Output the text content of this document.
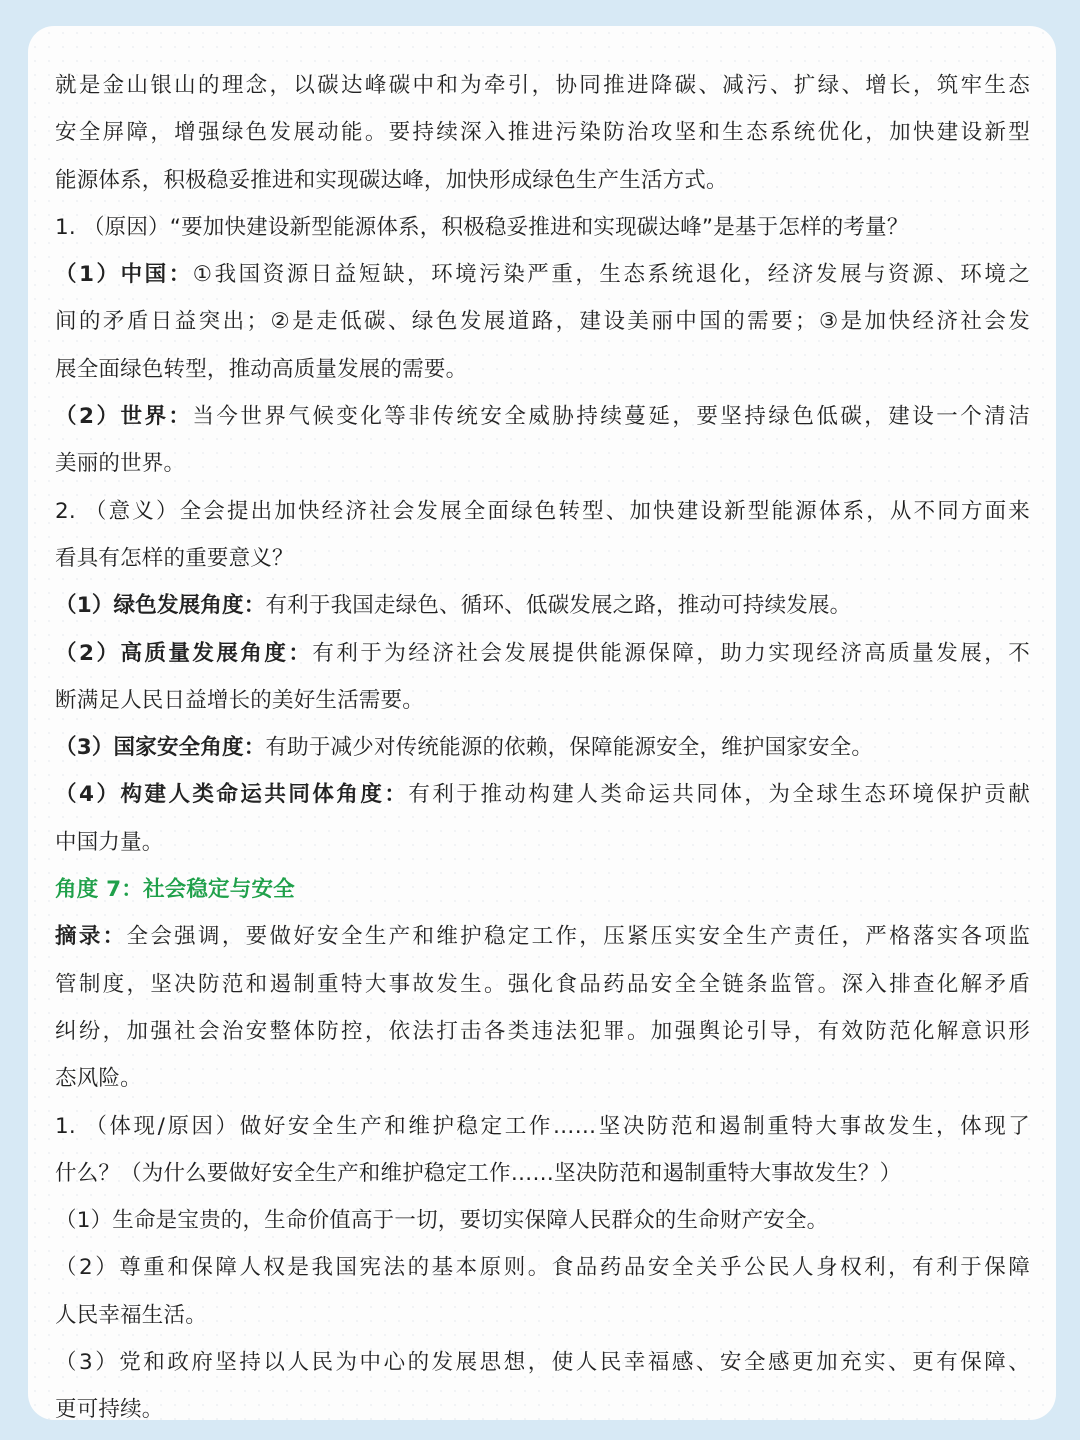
就是金山银山的理念，以碳达峰碳中和为牵引，协同推进降碳、减污、扩绿、增长，筑牢生态
安全屏障，增强绿色发展动能。要持续深入推进污染防治攻坚和生态系统优化，加快建设新型
能源体系，积极稳妥推进和实现碳达峰，加快形成绿色生产生活方式。
1. （原因）“要加快建设新型能源体系，积极稳妥推进和实现碳达峰”是基于怎样的考量？
（1）中国：①我国资源日益短缺，环境污染严重，生态系统退化，经济发展与资源、环境之
间的矛盾日益突出；②是走低碳、绿色发展道路，建设美丽中国的需要；③是加快经济社会发
展全面绿色转型，推动高质量发展的需要。
（2）世界：当今世界气候变化等非传统安全威胁持续蔓延，要坚持绿色低碳，建设一个清洁
美丽的世界。
2. （意义）全会提出加快经济社会发展全面绿色转型、加快建设新型能源体系，从不同方面来
看具有怎样的重要意义？
（1）绿色发展角度：有利于我国走绿色、循环、低碳发展之路，推动可持续发展。
（2）高质量发展角度：有利于为经济社会发展提供能源保障，助力实现经济高质量发展，不
断满足人民日益增长的美好生活需要。
（3）国家安全角度：有助于减少对传统能源的依赖，保障能源安全，维护国家安全。
（4）构建人类命运共同体角度：有利于推动构建人类命运共同体，为全球生态环境保护贡献
中国力量。
角度 7：社会稳定与安全
摘录：全会强调，要做好安全生产和维护稳定工作，压紧压实安全生产责任，严格落实各项监
管制度，坚决防范和遏制重特大事故发生。强化食品药品安全全链条监管。深入排查化解矛盾
纠纷，加强社会治安整体防控，依法打击各类违法犯罪。加强舆论引导，有效防范化解意识形
态风险。
1. （体现/原因）做好安全生产和维护稳定工作……坚决防范和遏制重特大事故发生，体现了
什么？（为什么要做好安全生产和维护稳定工作……坚决防范和遏制重特大事故发生？）
（1）生命是宝贵的，生命价值高于一切，要切实保障人民群众的生命财产安全。
（2）尊重和保障人权是我国宪法的基本原则。食品药品安全关乎公民人身权利，有利于保障
人民幸福生活。
（3）党和政府坚持以人民为中心的发展思想，使人民幸福感、安全感更加充实、更有保障、
更可持续。
